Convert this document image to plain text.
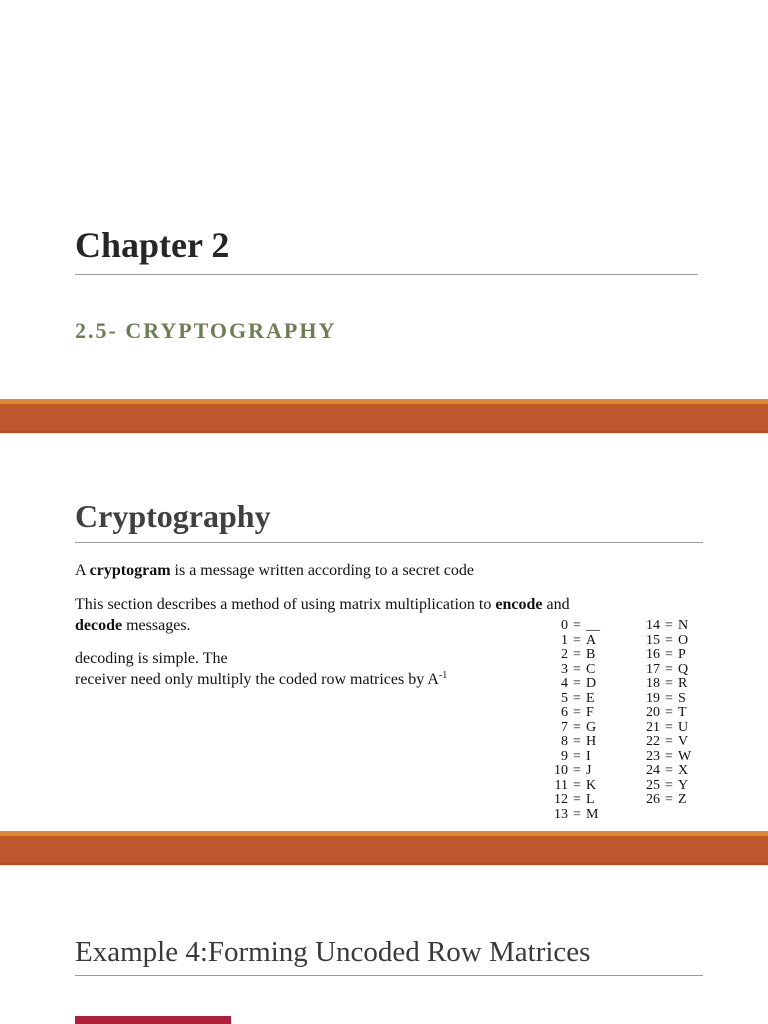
Chapter 2
2.5- CRYPTOGRAPHY
Cryptography

A cryptogram is a message written according to a secret code

This section describes a method of using matrix multiplication to encode and
decode messages.

decoding is simple. The
receiver need only multiply the coded row matrices by $A^{-1}$

0 = __
1 = A
2 = B
3 = C
4 = D
5 = E
6 = F
7 = G
8 = H
9 = I
10 = J
11 = K
12 = L
13 = M
14 = N
15 = O
16 = P
17 = Q
18 = R
19 = S
20 = T
21 = U
22 = V
23 = W
24 = X
25 = Y
26 = Z
Example 4:Forming Uncoded Row Matrices
